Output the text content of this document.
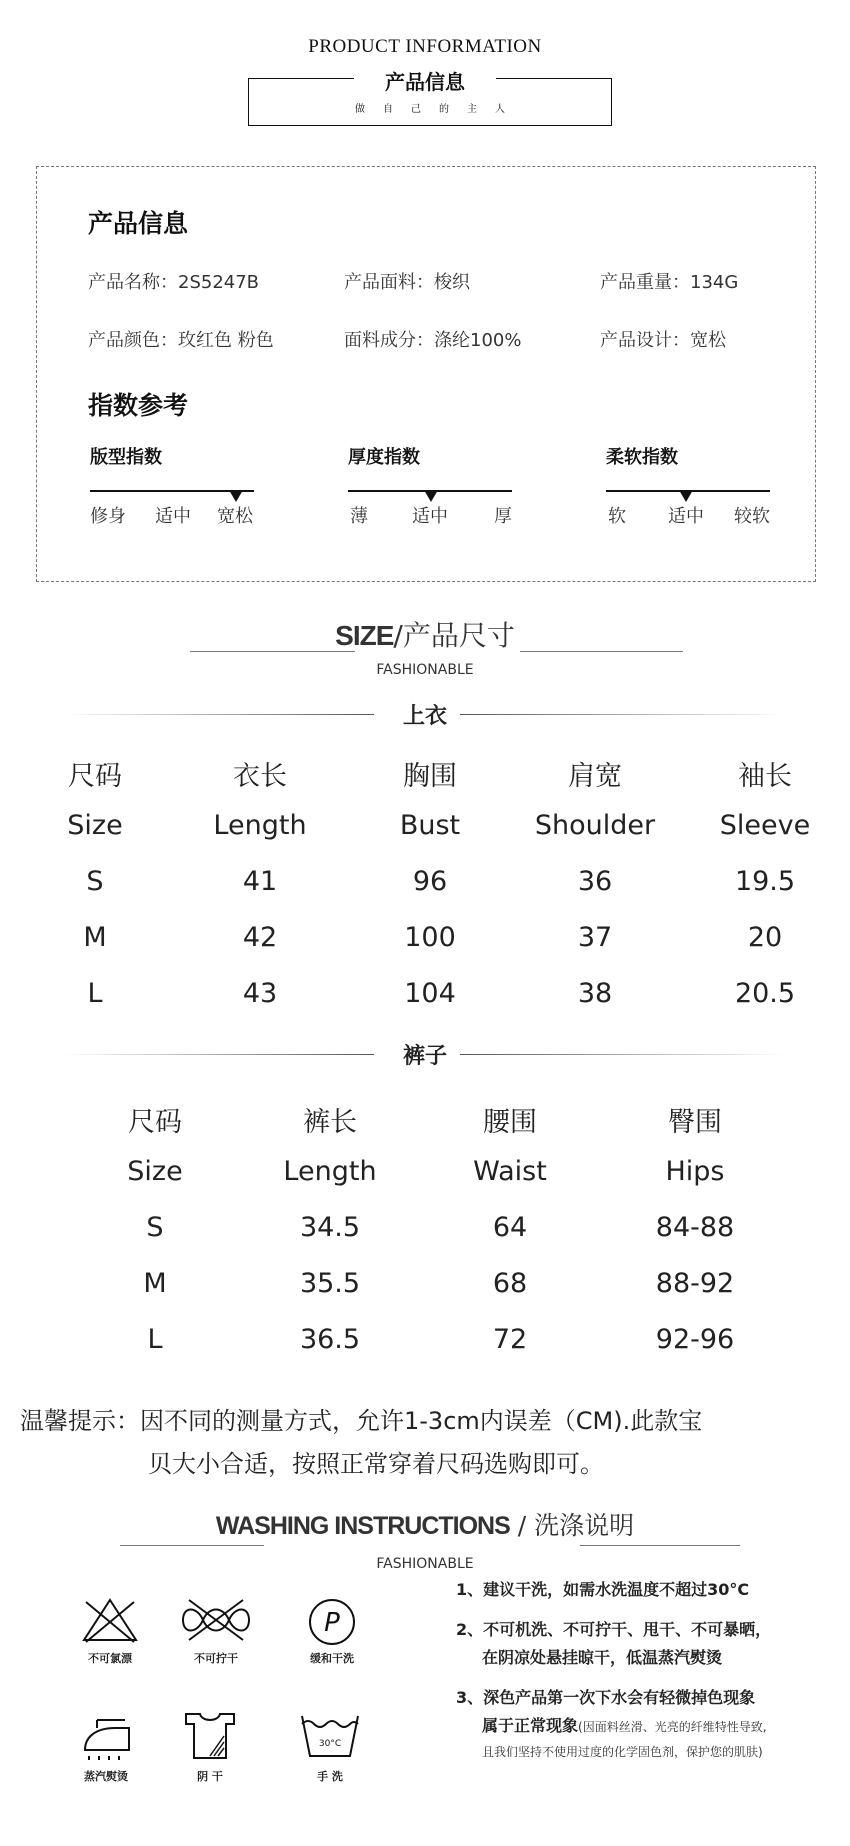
PRODUCT INFORMATION
产品信息
做自己的主人
产品信息
产品名称：2S5247B	产品面料：梭织	产品重量：134G
产品颜色：玫红色 粉色	面料成分：涤纶100%	产品设计：宽松
指数参考
版型指数
修身 适中 宽松
厚度指数
薄 适中	厚
柔软指数
软 适中 较软
SIZE/产品尺寸
FASHIONABLE
上衣
尺码	衣长	胸围	肩宽	袖长
Size	Length	Bust	Shoulder Sleeve
S	41	96	36	19.5
M	42	100	37	20
L	43	104	38	20.5
裤子
尺码	裤长	腰围	臀围
Size	Length	Waist	Hips
S	34.5	64	84-88
M	35.5	68	88-92
L	36.5	72	92-96
温馨提示：因不同的测量方式，允许1-3cm内误差（CM).此款宝
贝大小合适，按照正常穿着尺码选购即可。
WASHING INSTRUCTIONS / 洗涤说明
FASHIONABLE
不可氯漂	不可拧干
P
缓和干洗
蒸汽熨烫	阴 干
30°C
手 洗
1、建议干洗，如需水洗温度不超过30°C
2、不可机洗、不可拧干、甩干、不可暴晒，
在阴凉处悬挂晾干，低温蒸汽熨烫
3、深色产品第一次下水会有轻微掉色现象
属于正常现象(因面料丝滑、光亮的纤维特性导致,
且我们坚持不使用过度的化学固色剂，保护您的肌肤)
